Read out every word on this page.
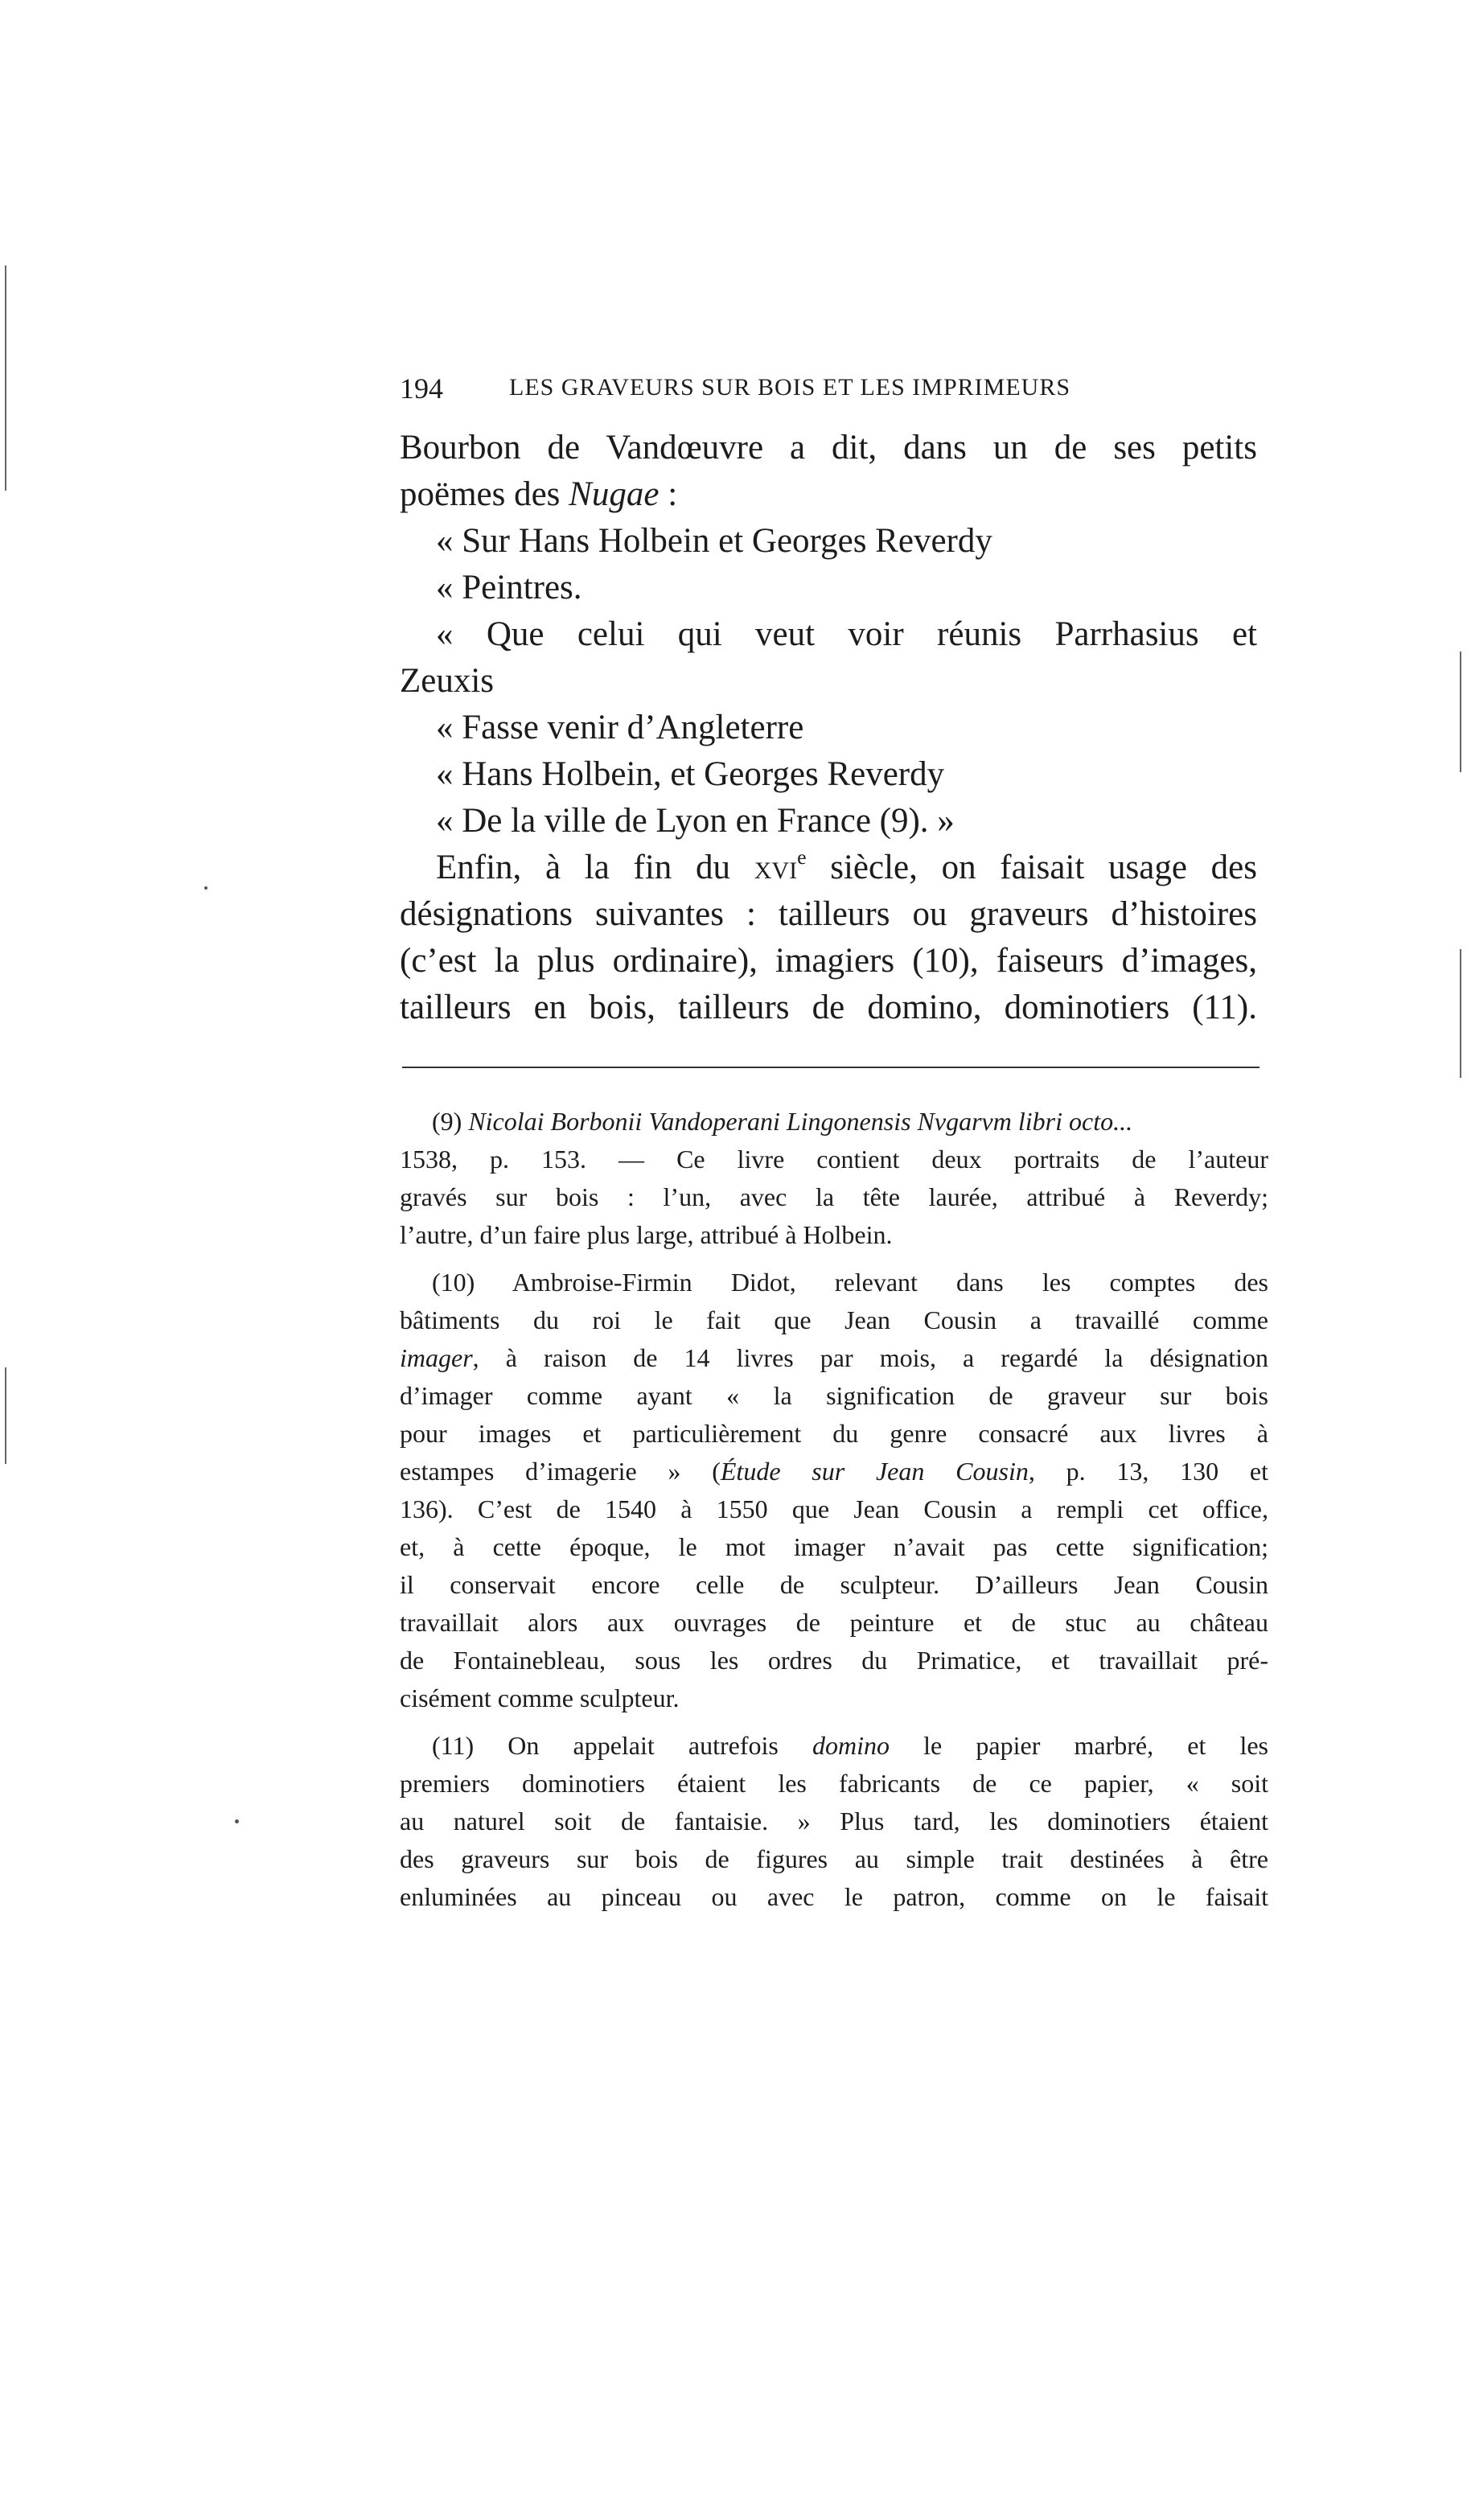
194	LES GRAVEURS SUR BOIS ET LES IMPRIMEURS
Bourbon de Vandœuvre a dit, dans un de ses petits
poëmes des Nugae :
« Sur Hans Holbein et Georges Reverdy
« Peintres.
« Que celui qui veut voir réunis Parrhasius et
Zeuxis
« Fasse venir d’Angleterre
« Hans Holbein, et Georges Reverdy
« De la ville de Lyon en France (9). »
Enfin, à la fin du xvi$^e$ siècle, on faisait usage des
désignations suivantes : tailleurs ou graveurs d’histoires
(c’est la plus ordinaire), imagiers (10), faiseurs d’images,
tailleurs en bois, tailleurs de domino, dominotiers (11).
(9) Nicolai Borbonii Vandoperani Lingonensis Nvgarvm libri octo...
1538, p. 153. — Ce livre contient deux portraits de l’auteur
gravés sur bois : l’un, avec la tête laurée, attribué à Reverdy;
l’autre, d’un faire plus large, attribué à Holbein.
(10) Ambroise-Firmin Didot, relevant dans les comptes des
bâtiments du roi le fait que Jean Cousin a travaillé comme
imager, à raison de 14 livres par mois, a regardé la désignation
d’imager comme ayant « la signification de graveur sur bois
pour images et particulièrement du genre consacré aux livres à
estampes d’imagerie » (Étude sur Jean Cousin, p. 13, 130 et
136). C’est de 1540 à 1550 que Jean Cousin a rempli cet office,
et, à cette époque, le mot imager n’avait pas cette signification;
il conservait encore celle de sculpteur. D’ailleurs Jean Cousin
travaillait alors aux ouvrages de peinture et de stuc au château
de Fontainebleau, sous les ordres du Primatice, et travaillait pré-
cisément comme sculpteur.
(11) On appelait autrefois domino le papier marbré, et les
premiers dominotiers étaient les fabricants de ce papier, « soit
au naturel soit de fantaisie. » Plus tard, les dominotiers étaient
des graveurs sur bois de figures au simple trait destinées à être
enluminées au pinceau ou avec le patron, comme on le faisait
